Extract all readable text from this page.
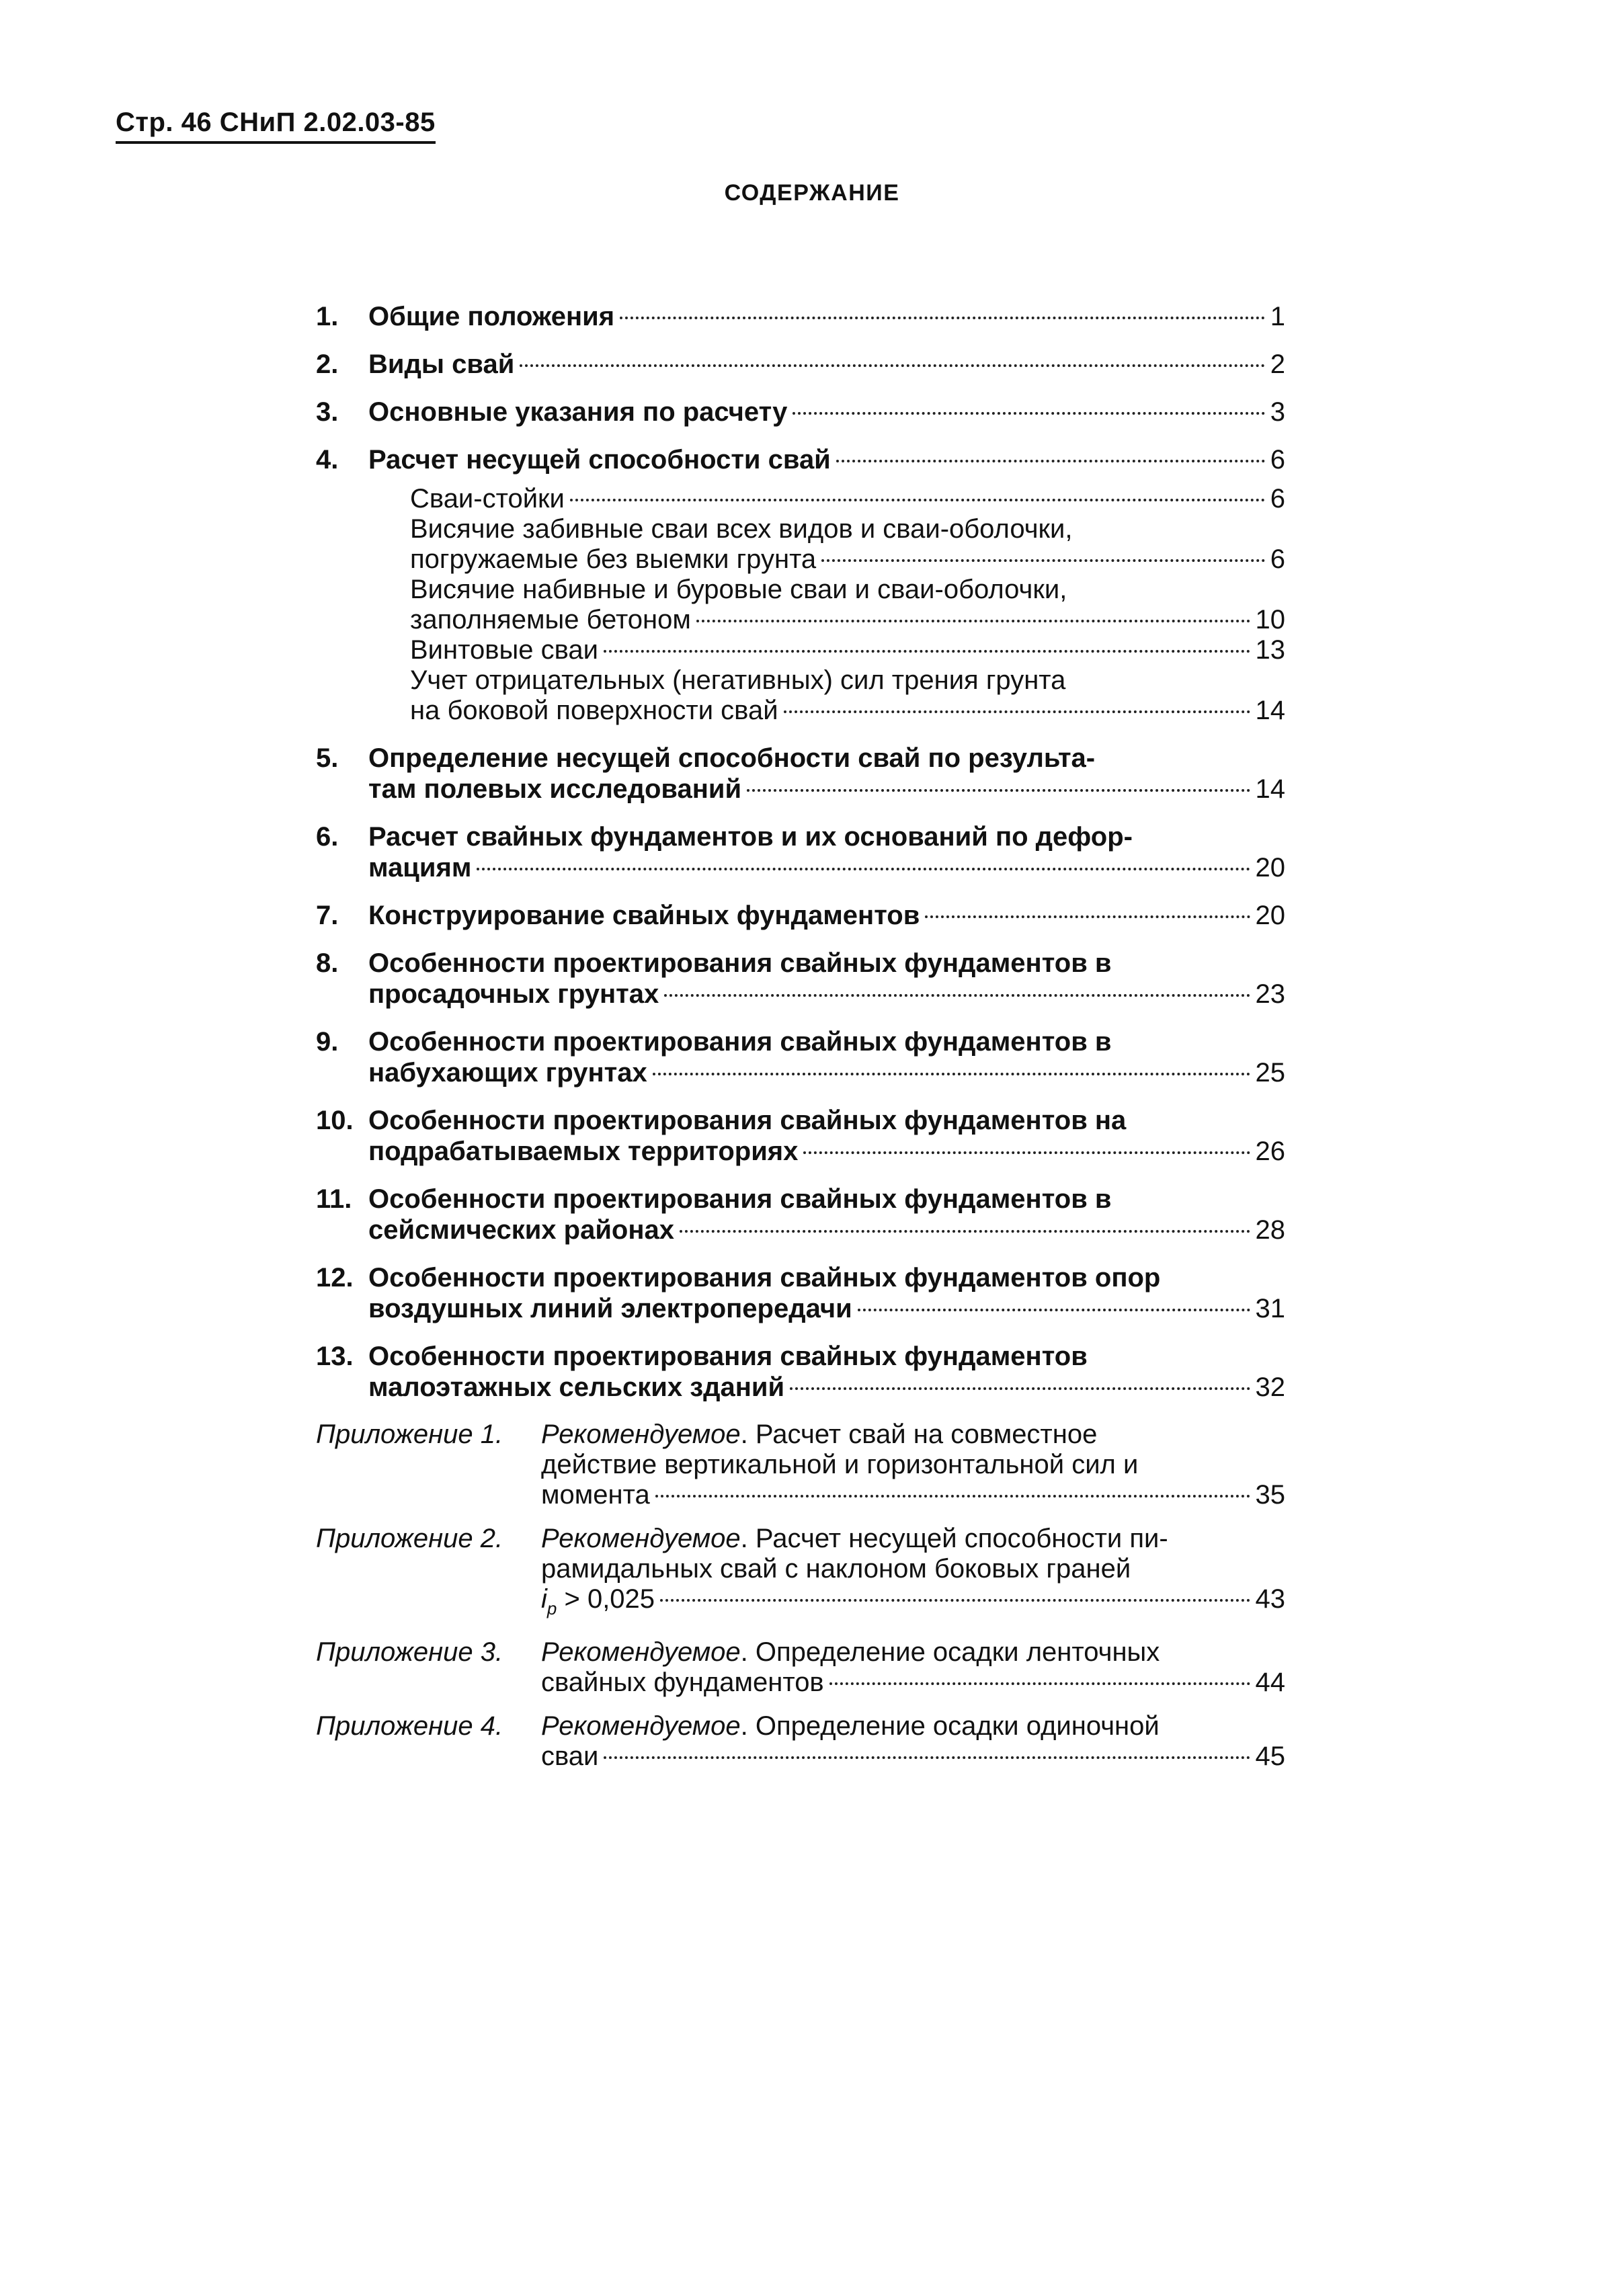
Стр. 46 СНиП 2.02.03-85
СОДЕРЖАНИЕ
1.	Общие положения	1
2.	Виды свай	2
3.	Основные указания по расчету	3
4.	Расчет несущей способности свай	6
Сваи-стойки	6
Висячие забивные сваи всех видов и сваи-оболочки,
погружаемые без выемки грунта	6
Висячие набивные и буровые сваи и сваи-оболочки,
заполняемые бетоном	10
Винтовые сваи	13
Учет отрицательных (негативных) сил трения грунта
на боковой поверхности свай	14
5.	Определение несущей способности свай по результа-
там полевых исследований	14
6.	Расчет свайных фундаментов и их оснований по дефор-
мациям	20
7.	Конструирование свайных фундаментов	20
8.	Особенности проектирования свайных фундаментов в
просадочных грунтах	23
9.	Особенности проектирования свайных фундаментов в
набухающих грунтах	25
10. Особенности проектирования свайных фундаментов на
подрабатываемых территориях	26
11. Особенности проектирования свайных фундаментов в
сейсмических районах	28
12. Особенности проектирования свайных фундаментов опор
воздушных линий электропередачи	31
13. Особенности проектирования свайных фундаментов
малоэтажных сельских зданий	32
Приложение 1.	Рекомендуемое. Расчет свай на совместное
действие вертикальной и горизонтальной сил и
момента	35
Приложение 2.	Рекомендуемое. Расчет несущей способности пи-
рамидальных свай с наклоном боковых граней
$i_p > 0,025$	43
Приложение 3.	Рекомендуемое. Определение осадки ленточных
свайных фундаментов	44
Приложение 4.	Рекомендуемое. Определение осадки одиночной
сваи	45
